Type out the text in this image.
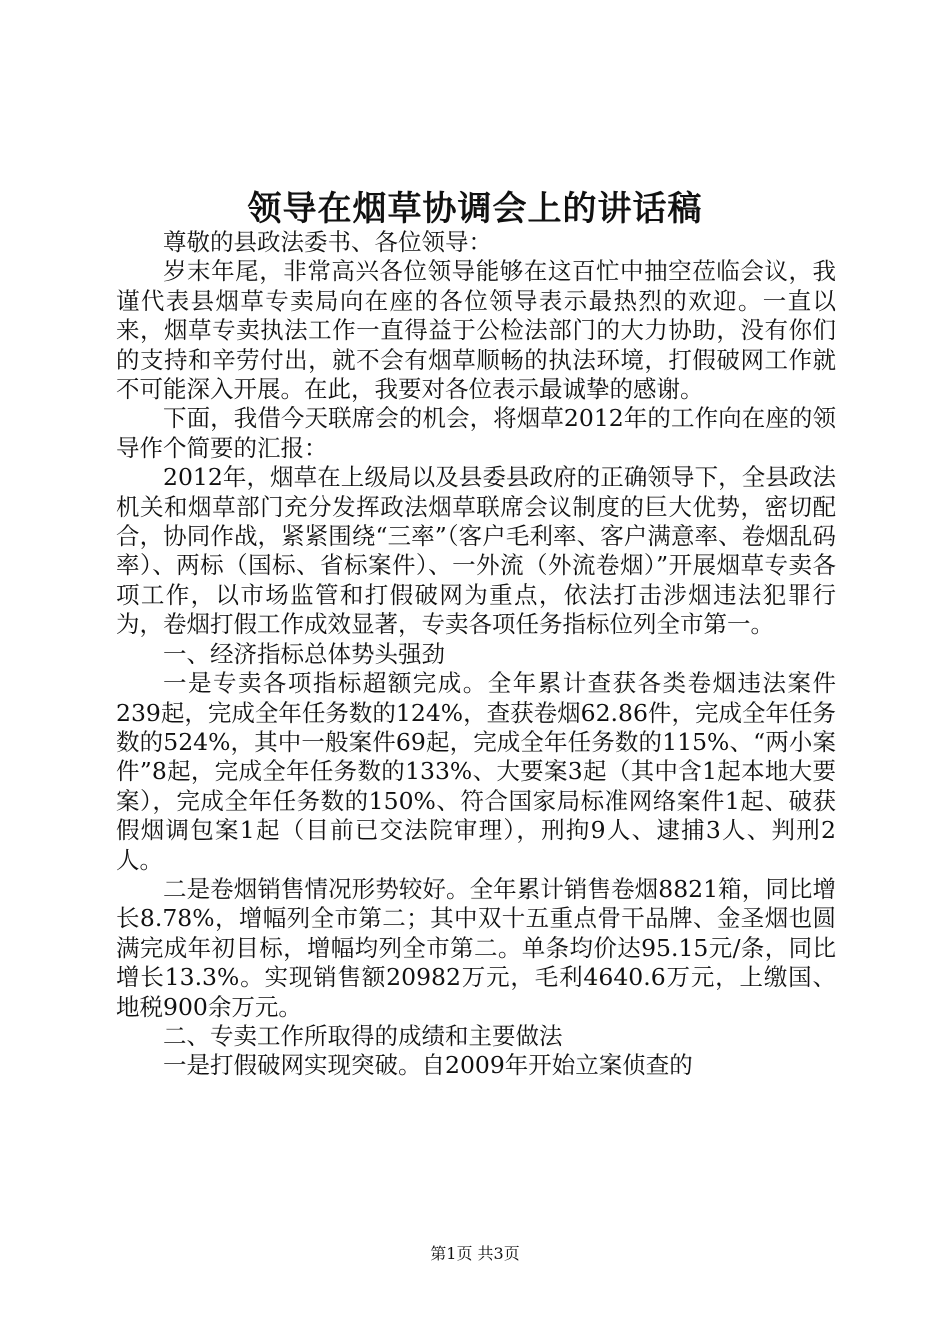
领导在烟草协调会上的讲话稿

尊敬的县政法委书、各位领导：

岁末年尾，非常高兴各位领导能够在这百忙中抽空莅临会议，我谨代表县烟草专卖局向在座的各位领导表示最热烈的欢迎。一直以来，烟草专卖执法工作一直得益于公检法部门的大力协助，没有你们的支持和辛劳付出，就不会有烟草顺畅的执法环境，打假破网工作就不可能深入开展。在此，我要对各位表示最诚挚的感谢。

下面，我借今天联席会的机会，将烟草2012年的工作向在座的领导作个简要的汇报：

2012年，烟草在上级局以及县委县政府的正确领导下，全县政法机关和烟草部门充分发挥政法烟草联席会议制度的巨大优势，密切配合，协同作战，紧紧围绕“三率”（客户毛利率、客户满意率、卷烟乱码率）、两标（国标、省标案件）、一外流（外流卷烟）”开展烟草专卖各项工作，以市场监管和打假破网为重点，依法打击涉烟违法犯罪行为，卷烟打假工作成效显著，专卖各项任务指标位列全市第一。

一、经济指标总体势头强劲

一是专卖各项指标超额完成。全年累计查获各类卷烟违法案件239起，完成全年任务数的124%，查获卷烟62.86件，完成全年任务数的524%，其中一般案件69起，完成全年任务数的115%、“两小案件”8起，完成全年任务数的133%、大要案3起（其中含1起本地大要案），完成全年任务数的150%、符合国家局标准网络案件1起、破获假烟调包案1起（目前已交法院审理），刑拘9人、逮捕3人、判刑2人。

二是卷烟销售情况形势较好。全年累计销售卷烟8821箱，同比增长8.78%，增幅列全市第二；其中双十五重点骨干品牌、金圣烟也圆满完成年初目标，增幅均列全市第二。单条均价达95.15元/条，同比增长13.3%。实现销售额20982万元，毛利4640.6万元，上缴国、地税900余万元。

二、专卖工作所取得的成绩和主要做法

一是打假破网实现突破。自2009年开始立案侦查的

第1页 共3页
